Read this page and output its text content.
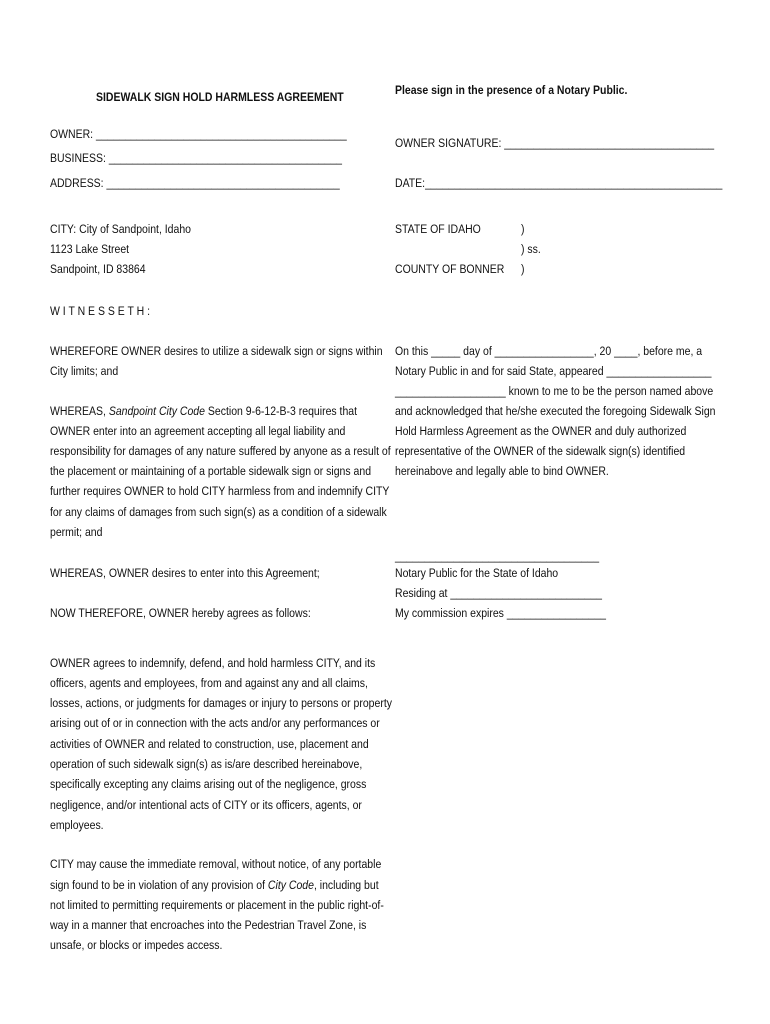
SIDEWALK SIGN HOLD HARMLESS AGREEMENT
OWNER: ___________________________________________
BUSINESS: ________________________________________
ADDRESS: ________________________________________
CITY: City of Sandpoint, Idaho
1123 Lake Street
Sandpoint, ID 83864
W I T N E S S E T H :
WHEREFORE OWNER desires to utilize a sidewalk sign or signs within
City limits; and
WHEREAS, Sandpoint City Code Section 9-6-12-B-3 requires that
OWNER enter into an agreement accepting all legal liability and
responsibility for damages of any nature suffered by anyone as a result of
the placement or maintaining of a portable sidewalk sign or signs and
further requires OWNER to hold CITY harmless from and indemnify CITY
for any claims of damages from such sign(s) as a condition of a sidewalk
permit; and
WHEREAS, OWNER desires to enter into this Agreement;
NOW THEREFORE, OWNER hereby agrees as follows:
OWNER agrees to indemnify, defend, and hold harmless CITY, and its
officers, agents and employees, from and against any and all claims,
losses, actions, or judgments for damages or injury to persons or property
arising out of or in connection with the acts and/or any performances or
activities of OWNER and related to construction, use, placement and
operation of such sidewalk sign(s) as is/are described hereinabove,
specifically excepting any claims arising out of the negligence, gross
negligence, and/or intentional acts of CITY or its officers, agents, or
employees.
CITY may cause the immediate removal, without notice, of any portable
sign found to be in violation of any provision of City Code, including but
not limited to permitting requirements or placement in the public right-of-
way in a manner that encroaches into the Pedestrian Travel Zone, is
unsafe, or blocks or impedes access.
Please sign in the presence of a Notary Public.
OWNER SIGNATURE: ____________________________________
DATE:___________________________________________________
STATE OF IDAHO	)
) ss.
COUNTY OF BONNER )
On this _____ day of _________________, 20 ____, before me, a
Notary Public in and for said State, appeared __________________
___________________ known to me to be the person named above
and acknowledged that he/she executed the foregoing Sidewalk Sign
Hold Harmless Agreement as the OWNER and duly authorized
representative of the OWNER of the sidewalk sign(s) identified
hereinabove and legally able to bind OWNER.
___________________________________
Notary Public for the State of Idaho
Residing at __________________________
My commission expires _________________
